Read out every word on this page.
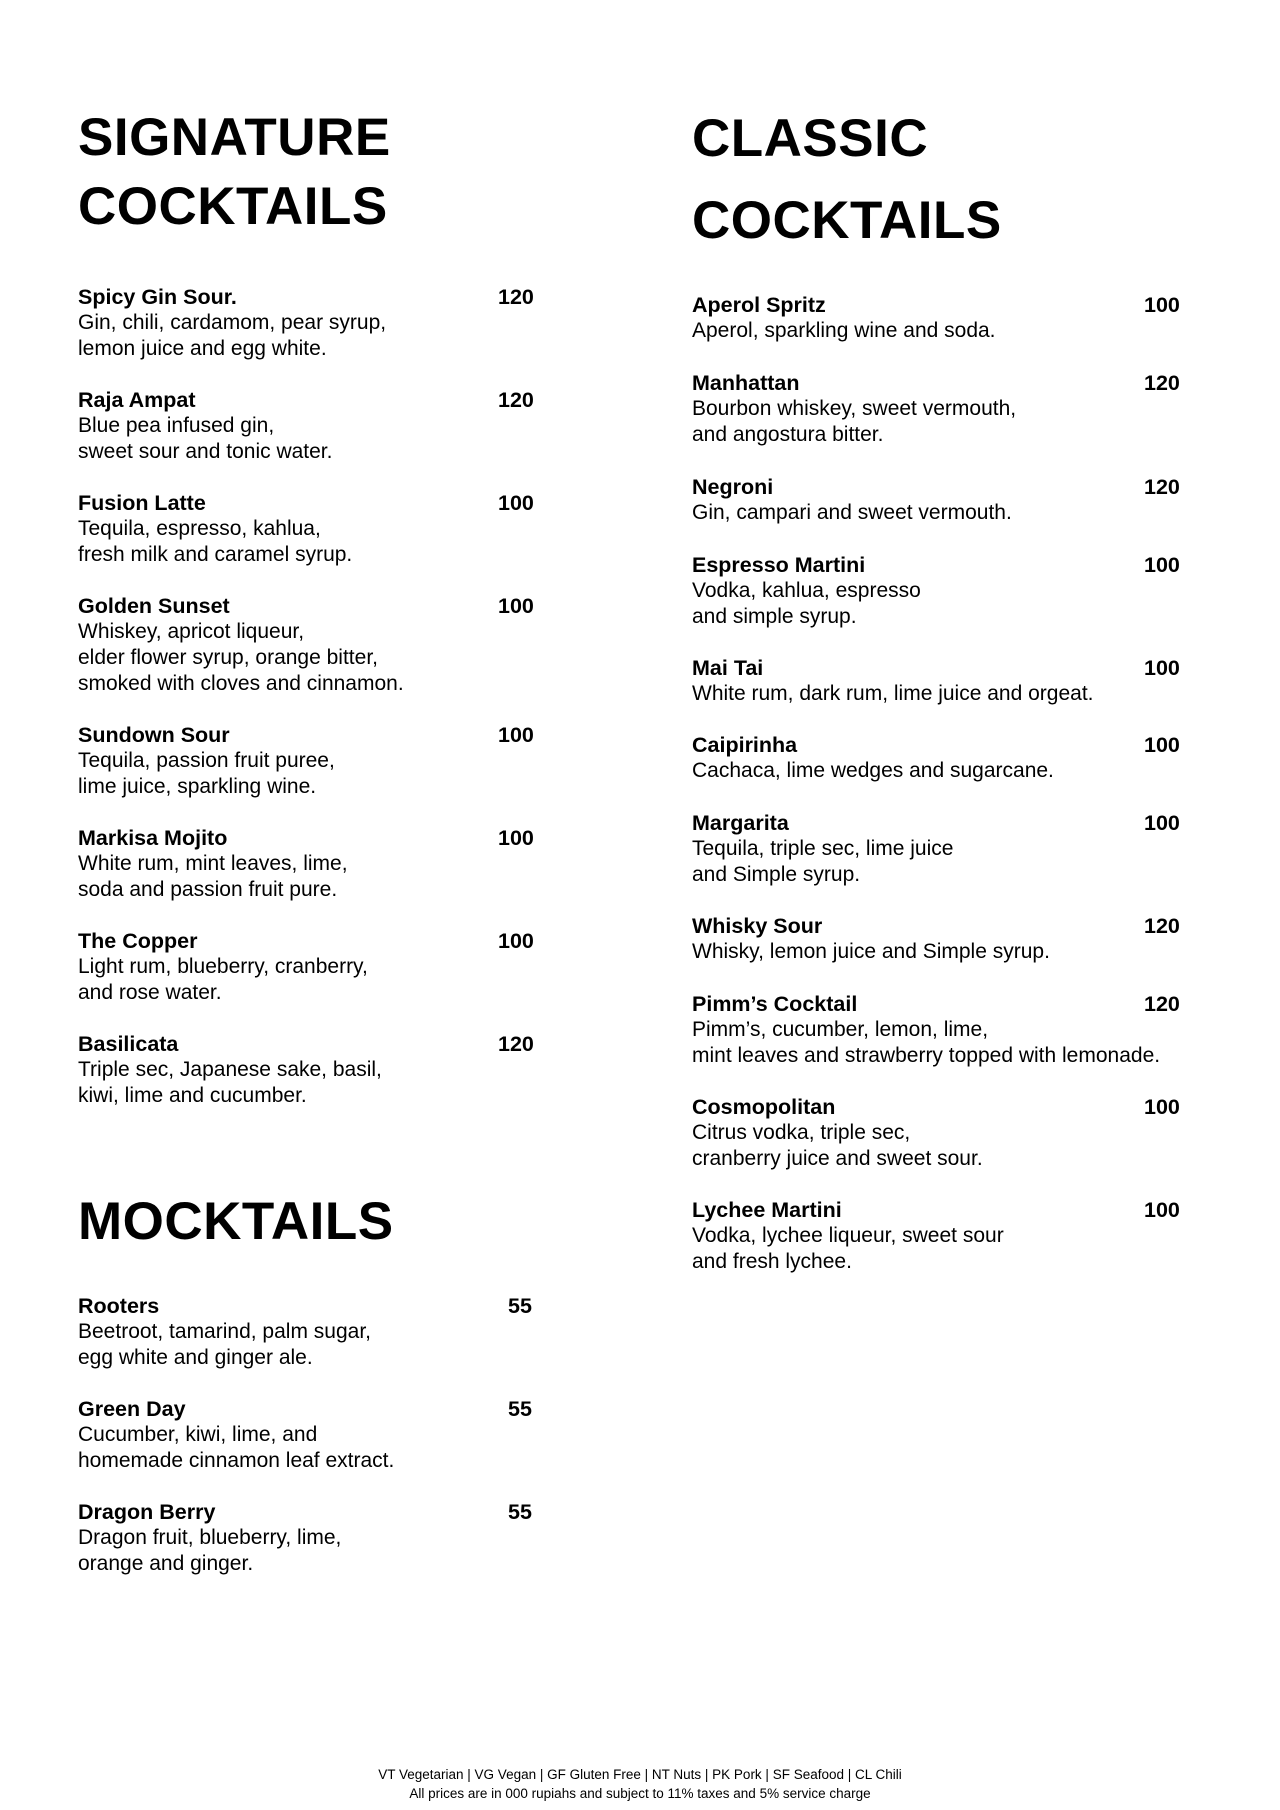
SIGNATURE
COCKTAILS
Spicy Gin Sour.	120

Gin, chili, cardamom, pear syrup,
lemon juice and egg white.

Raja Ampat	120

Blue pea infused gin,
sweet sour and tonic water.

Fusion Latte	100

Tequila, espresso, kahlua,
fresh milk and caramel syrup.

Golden Sunset	100

Whiskey, apricot liqueur,
elder flower syrup, orange bitter,
smoked with cloves and cinnamon.

Sundown Sour	100

Tequila, passion fruit puree,
lime juice, sparkling wine.

Markisa Mojito	100

White rum, mint leaves, lime,
soda and passion fruit pure.

The Copper	100

Light rum, blueberry, cranberry,
and rose water.

Basilicata	120

Triple sec, Japanese sake, basil,
kiwi, lime and cucumber.

MOCKTAILS
Rooters	55

Beetroot, tamarind, palm sugar,
egg white and ginger ale.

Green Day	55

Cucumber, kiwi, lime, and
homemade cinnamon leaf extract.

Dragon Berry	55

Dragon fruit, blueberry, lime,
orange and ginger.

CLASSIC
COCKTAILS
Aperol Spritz	100

Aperol, sparkling wine and soda.

Manhattan	120

Bourbon whiskey, sweet vermouth,
and angostura bitter.

Negroni	120

Gin, campari and sweet vermouth.

Espresso Martini	100

Vodka, kahlua, espresso
and simple syrup.

Mai Tai	100

White rum, dark rum, lime juice and orgeat.

Caipirinha	100

Cachaca, lime wedges and sugarcane.

Margarita	100

Tequila, triple sec, lime juice
and Simple syrup.

Whisky Sour	120

Whisky, lemon juice and Simple syrup.

Pimm’s Cocktail	120

Pimm’s, cucumber, lemon, lime,
mint leaves and strawberry topped with lemonade.

Cosmopolitan	100

Citrus vodka, triple sec,
cranberry juice and sweet sour.

Lychee Martini	100

Vodka, lychee liqueur, sweet sour
and fresh lychee.

VT Vegetarian | VG Vegan | GF Gluten Free | NT Nuts | PK Pork | SF Seafood | CL Chili
All prices are in 000 rupiahs and subject to 11% taxes and 5% service charge
